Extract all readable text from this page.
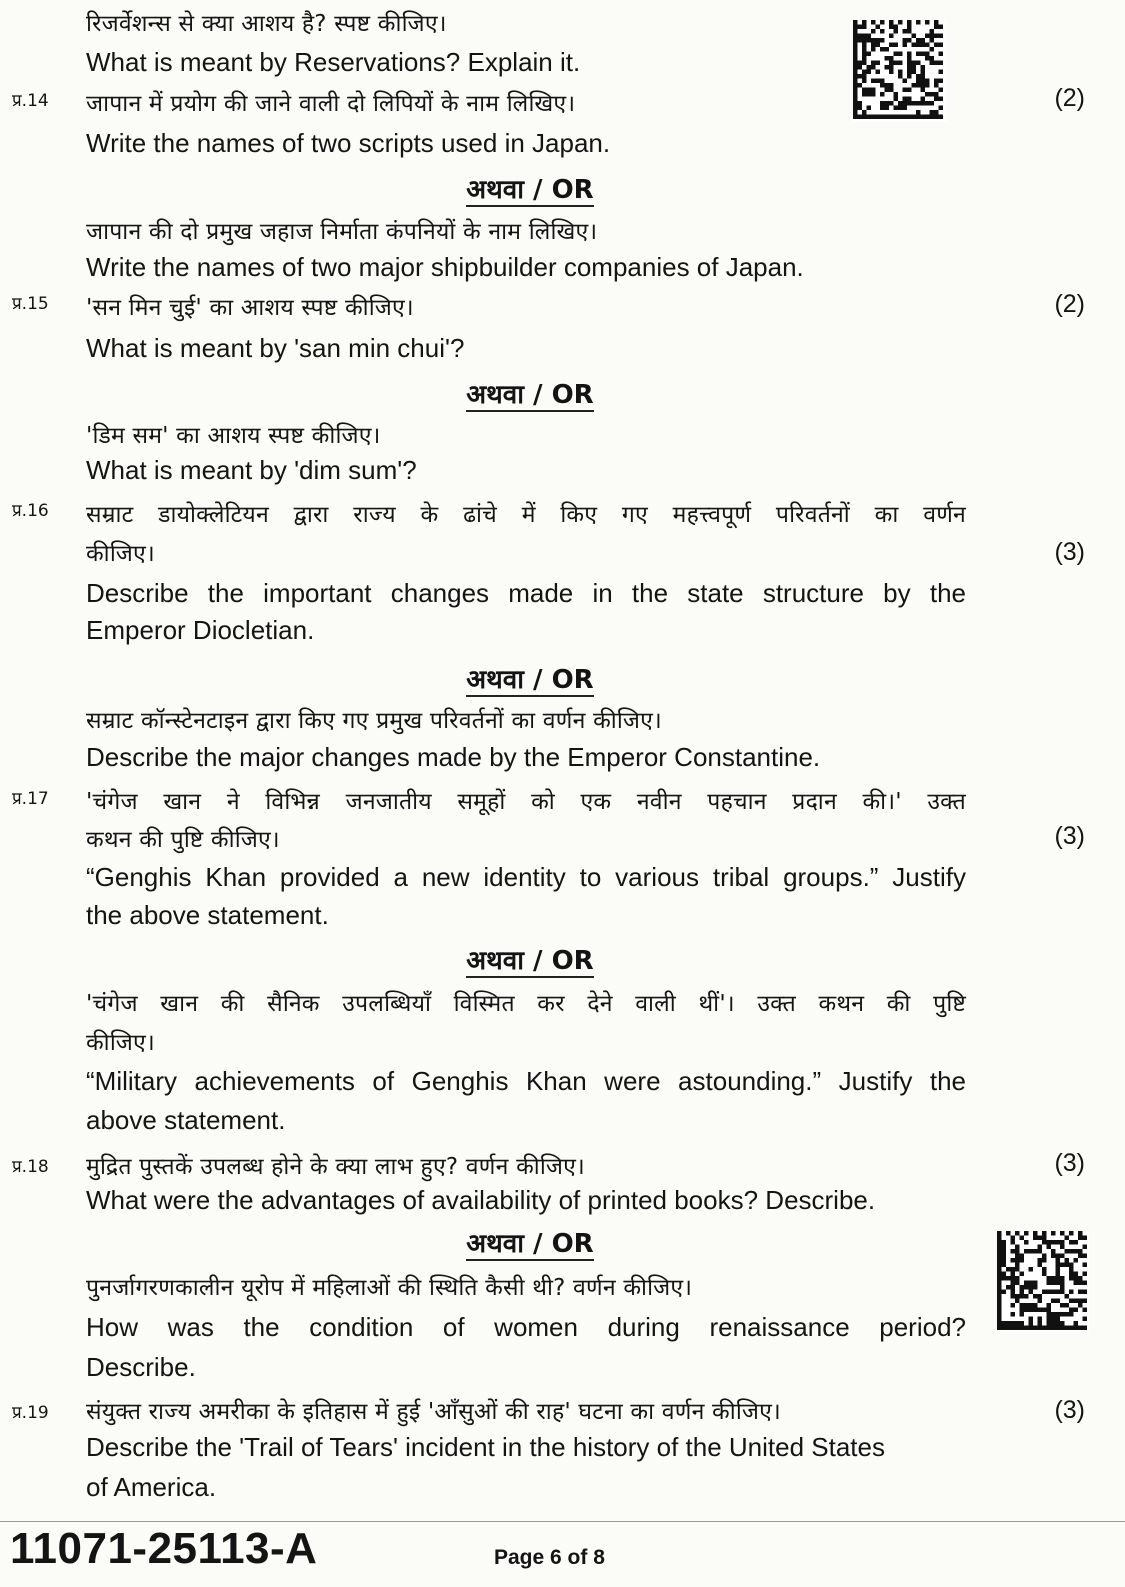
रिजर्वेशन्स से क्या आशय है? स्पष्ट कीजिए।
What is meant by Reservations? Explain it.
प्र.14	(2)
जापान में प्रयोग की जाने वाली दो लिपियों के नाम लिखिए।
Write the names of two scripts used in Japan.
अथवा / OR
जापान की दो प्रमुख जहाज निर्माता कंपनियों के नाम लिखिए।
Write the names of two major shipbuilder companies of Japan.
प्र.15	(2)
'सन मिन चुई' का आशय स्पष्ट कीजिए।
What is meant by 'san min chui'?
अथवा / OR
'डिम सम' का आशय स्पष्ट कीजिए।
What is meant by 'dim sum'?
प्र.16
(3)
सम्राट डायोक्लेटियन द्वारा राज्य के ढांचे में किए गए महत्त्वपूर्ण परिवर्तनों का वर्णन
कीजिए।
Describe the important changes made in the state structure by the
Emperor Diocletian.
अथवा / OR
सम्राट कॉन्स्टेनटाइन द्वारा किए गए प्रमुख परिवर्तनों का वर्णन कीजिए।
Describe the major changes made by the Emperor Constantine.
प्र.17
(3)
'चंगेज खान ने विभिन्न जनजातीय समूहों को एक नवीन पहचान प्रदान की।' उक्त
कथन की पुष्टि कीजिए।
“Genghis Khan provided a new identity to various tribal groups.” Justify
the above statement.
अथवा / OR
'चंगेज खान की सैनिक उपलब्धियाँ विस्मित कर देने वाली थीं'। उक्त कथन की पुष्टि
कीजिए।
“Military achievements of Genghis Khan were astounding.” Justify the
above statement.
प्र.18	(3)
मुद्रित पुस्तकें उपलब्ध होने के क्या लाभ हुए? वर्णन कीजिए।
What were the advantages of availability of printed books? Describe.
अथवा / OR
पुनर्जागरणकालीन यूरोप में महिलाओं की स्थिति कैसी थी? वर्णन कीजिए।
How was the condition of women during renaissance period?
Describe.
प्र.19	(3)
संयुक्त राज्य अमरीका के इतिहास में हुई 'आँसुओं की राह' घटना का वर्णन कीजिए।
Describe the 'Trail of Tears' incident in the history of the United States
of America.
11071-25113-A	Page 6 of 8
